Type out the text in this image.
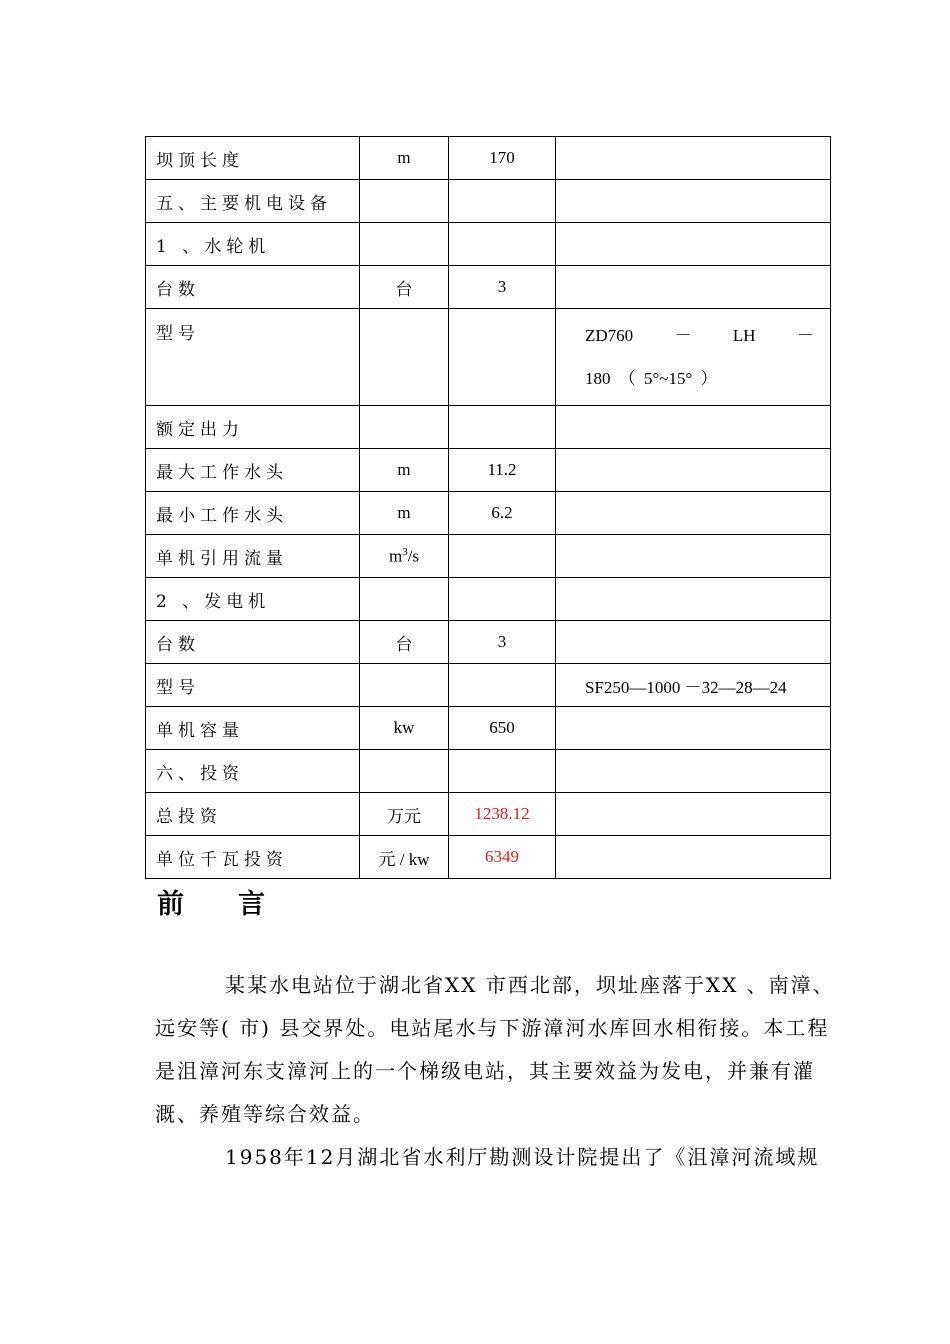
坝顶长度	m	170	
五、主要机电设备			
1 、水轮机			
台数	台	3	
型号			ZD760 － LH －
180 （ 5°~15° ）

额定出力			
最大工作水头	m	11.2	
最小工作水头	m	6.2	
单机引用流量	$m^3/s$		
2 、发电机			
台数	台	3	
型号			SF250—1000 －32—28—24
单机容量	kw	650	
六、投资			
总投资	万元	1238.12	
单位千瓦投资	元 / kw	6349	
前言

某某水电站位于湖北省XX 市西北部，坝址座落于XX 、南漳、远安等( 市) 县交界处。电站尾水与下游漳河水库回水相衔接。本工程是沮漳河东支漳河上的一个梯级电站，其主要效益为发电，并兼有灌溉、养殖等综合效益。

1958年12月湖北省水利厅勘测设计院提出了《沮漳河流域规
